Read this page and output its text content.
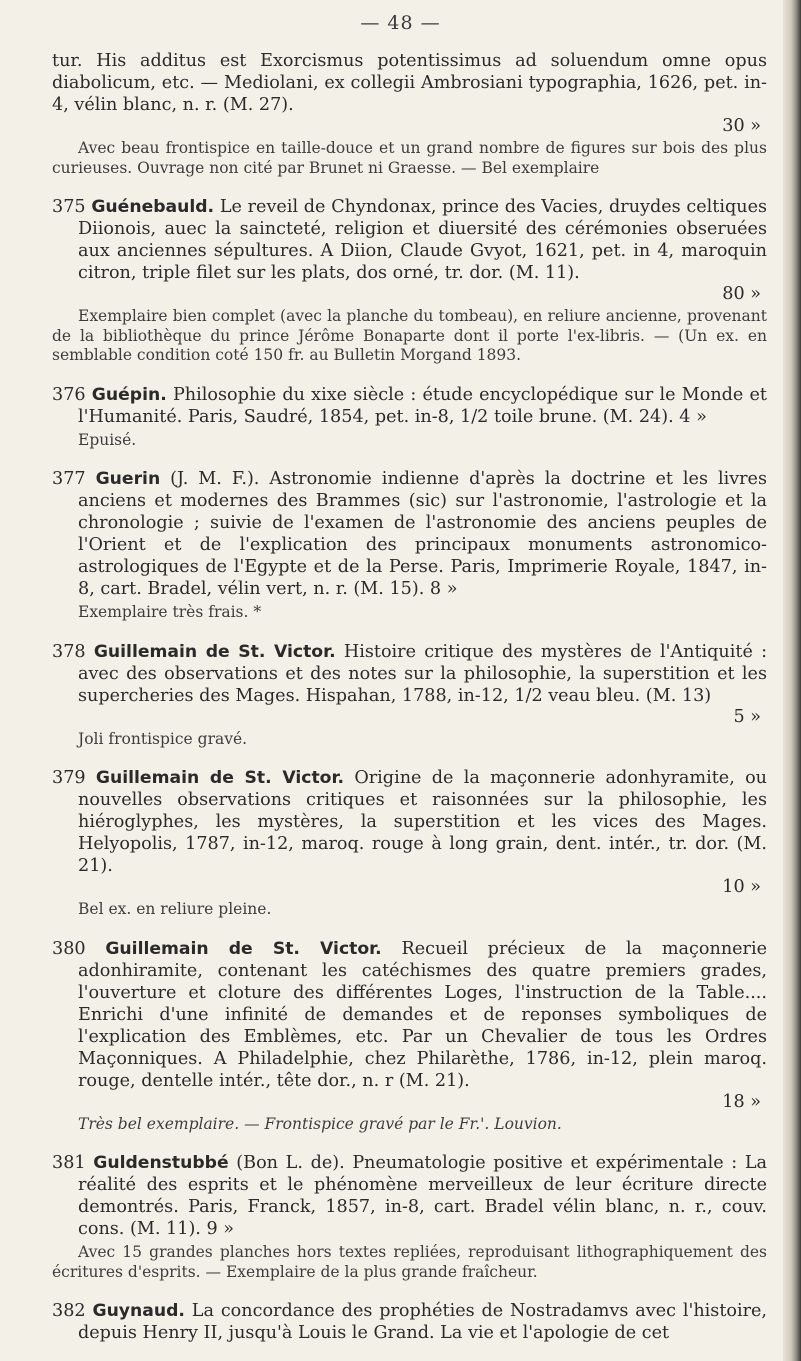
— 48 —

tur. His additus est Exorcismus potentissimus ad soluendum omne opus diabolicum, etc. — Mediolani, ex collegii Ambrosiani typographia, 1626, pet. in-4, vélin blanc, n. r. (M. 27).

30 »

Avec beau frontispice en taille-douce et un grand nombre de figures sur bois des plus curieuses. Ouvrage non cité par Brunet ni Graesse. — Bel exemplaire

375 Guénebauld. Le reveil de Chyndonax, prince des Vacies, druydes celtiques Diionois, auec la saincteté, religion et diuersité des cérémonies obseruées aux anciennes sépultures. A Diion, Claude Gvyot, 1621, pet. in 4, maroquin citron, triple filet sur les plats, dos orné, tr. dor. (M. 11).

80 »

Exemplaire bien complet (avec la planche du tombeau), en reliure ancienne, provenant de la bibliothèque du prince Jérôme Bonaparte dont il porte l'ex-libris. — (Un ex. en semblable condition coté 150 fr. au Bulletin Morgand 1893.

376 Guépin. Philosophie du xixe siècle : étude encyclopédique sur le Monde et l'Humanité. Paris, Saudré, 1854, pet. in-8, 1/2 toile brune. (M. 24). 4 »

Epuisé.

377 Guerin (J. M. F.). Astronomie indienne d'après la doctrine et les livres anciens et modernes des Brammes (sic) sur l'astronomie, l'astrologie et la chronologie ; suivie de l'examen de l'astronomie des anciens peuples de l'Orient et de l'explication des principaux monuments astronomico-astrologiques de l'Egypte et de la Perse. Paris, Imprimerie Royale, 1847, in-8, cart. Bradel, vélin vert, n. r. (M. 15). 8 »

Exemplaire très frais. *

378 Guillemain de St. Victor. Histoire critique des mystères de l'Antiquité : avec des observations et des notes sur la philosophie, la superstition et les supercheries des Mages. Hispahan, 1788, in-12, 1/2 veau bleu. (M. 13)

5 »

Joli frontispice gravé.

379 Guillemain de St. Victor. Origine de la maçonnerie adonhyramite, ou nouvelles observations critiques et raisonnées sur la philosophie, les hiéroglyphes, les mystères, la superstition et les vices des Mages. Helyopolis, 1787, in-12, maroq. rouge à long grain, dent. intér., tr. dor. (M. 21).

10 »

Bel ex. en reliure pleine.

380 Guillemain de St. Victor. Recueil précieux de la maçonnerie adonhiramite, contenant les catéchismes des quatre premiers grades, l'ouverture et cloture des différentes Loges, l'instruction de la Table.... Enrichi d'une infinité de demandes et de reponses symboliques de l'explication des Emblèmes, etc. Par un Chevalier de tous les Ordres Maçonniques. A Philadelphie, chez Philarèthe, 1786, in-12, plein maroq. rouge, dentelle intér., tête dor., n. r (M. 21).

18 »

Très bel exemplaire. — Frontispice gravé par le Fr.'. Louvion.

381 Guldenstubbé (Bon L. de). Pneumatologie positive et expérimentale : La réalité des esprits et le phénomène merveilleux de leur écriture directe demontrés. Paris, Franck, 1857, in-8, cart. Bradel vélin blanc, n. r., couv. cons. (M. 11). 9 »

Avec 15 grandes planches hors textes repliées, reproduisant lithographiquement des écritures d'esprits. — Exemplaire de la plus grande fraîcheur.

382 Guynaud. La concordance des prophéties de Nostradamvs avec l'histoire, depuis Henry II, jusqu'à Louis le Grand. La vie et l'apologie de cet
